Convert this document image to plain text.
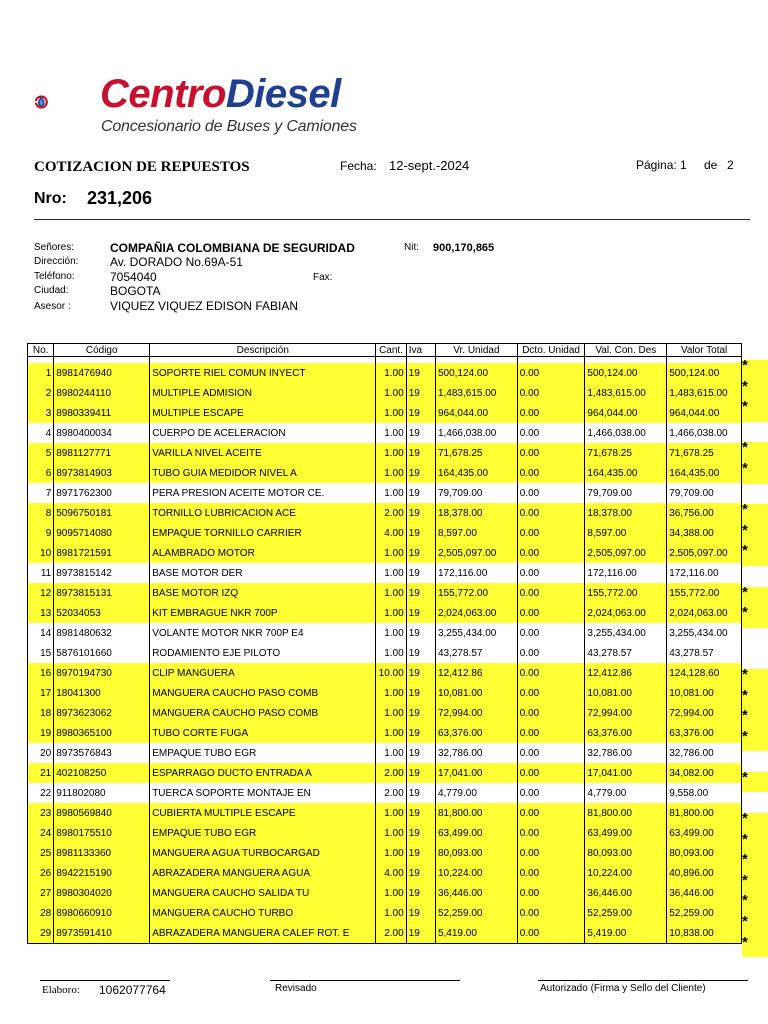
CentroDiesel
Concesionario de Buses y Camiones
COTIZACION DE REPUESTOS	Fecha: 12-sept.-2024	Página: 1 de 2
Nro: 231,206
Señores:	COMPAÑIA COLOMBIANA DE SEGURIDAD	Nit: 900,170,865
Dirección:	Av. DORADO No.69A-51
Teléfono:	7054040	Fax:
Ciudad:	BOGOTA
Asesor :	VIQUEZ VIQUEZ EDISON FABIAN
No.	Código	Descripción	Cant.	Iva	Vr. Unidad	Dcto. Unidad	Val. Con. Des	Valor Total

1	8981476940	SOPORTE RIEL COMUN INYECT	1.00	19	500,124.00	0.00	500,124.00	500,124.00
2	8980244110	MULTIPLE ADMISION	1.00	19	1,483,615.00	0.00	1,483,615.00	1,483,615.00
3	8980339411	MULTIPLE ESCAPE	1.00	19	964,044.00	0.00	964,044.00	964,044.00
4	8980400034	CUERPO DE ACELERACION	1.00	19	1,466,038.00	0.00	1,466,038.00	1,466,038.00
5	8981127771	VARILLA NIVEL ACEITE	1.00	19	71,678.25	0.00	71,678.25	71,678.25
6	8973814903	TUBO GUIA MEDIDOR NIVEL A	1.00	19	164,435.00	0.00	164,435.00	164,435.00
7	8971762300	PERA PRESION ACEITE MOTOR CE.	1.00	19	79,709.00	0.00	79,709.00	79,709.00
8	5096750181	TORNILLO LUBRICACION ACE	2.00	19	18,378.00	0.00	18,378.00	36,756.00
9	9095714080	EMPAQUE TORNILLO CARRIER	4.00	19	8,597.00	0.00	8,597.00	34,388.00
10	8981721591	ALAMBRADO MOTOR	1.00	19	2,505,097.00	0.00	2,505,097.00	2,505,097.00
11	8973815142	BASE MOTOR DER	1.00	19	172,116.00	0.00	172,116.00	172,116.00
12	8973815131	BASE MOTOR IZQ	1.00	19	155,772.00	0.00	155,772.00	155,772.00
13	52034053	KIT EMBRAGUE NKR 700P	1.00	19	2,024,063.00	0.00	2,024,063.00	2,024,063.00
14	8981480632	VOLANTE MOTOR NKR 700P E4	1.00	19	3,255,434.00	0.00	3,255,434.00	3,255,434.00
15	5876101660	RODAMIENTO EJE PILOTO	1.00	19	43,278.57	0.00	43,278.57	43,278.57
16	8970194730	CLIP MANGUERA	10.00	19	12,412.86	0.00	12,412.86	124,128.60
17	18041300	MANGUERA CAUCHO PASO COMB	1.00	19	10,081.00	0.00	10,081.00	10,081.00
18	8973623062	MANGUERA CAUCHO PASO COMB	1.00	19	72,994.00	0.00	72,994.00	72,994.00
19	8980365100	TUBO CORTE FUGA	1.00	19	63,376.00	0.00	63,376.00	63,376.00
20	8973576843	EMPAQUE TUBO EGR	1.00	19	32,786.00	0.00	32,786.00	32,786.00
21	402108250	ESPARRAGO DUCTO ENTRADA A	2.00	19	17,041.00	0.00	17,041.00	34,082.00
22	911802080	TUERCA SOPORTE MONTAJE EN	2.00	19	4,779.00	0.00	4,779.00	9,558.00
23	8980569840	CUBIERTA MULTIPLE ESCAPE	1.00	19	81,800.00	0.00	81,800.00	81,800.00
24	8980175510	EMPAQUE TUBO EGR	1.00	19	63,499.00	0.00	63,499.00	63,499.00
25	8981133360	MANGUERA AGUA TURBOCARGAD	1.00	19	80,093.00	0.00	80,093.00	80,093.00
26	8942215190	ABRAZADERA MANGUERA AGUA	4.00	19	10,224.00	0.00	10,224.00	40,896.00
27	8980304020	MANGUERA CAUCHO SALIDA TU	1.00	19	36,446.00	0.00	36,446.00	36,446.00
28	8980660910	MANGUERA CAUCHO TURBO	1.00	19	52,259.00	0.00	52,259.00	52,259.00
29	8973591410	ABRAZADERA MANGUERA CALEF ROT. E	2.00	19	5,419.00	0.00	5,419.00	10,838.00
*
*
*
*
*
*
*
*
*
*
*
*
*
*
*
*
*
*
*
*
*
*
Elaboro: 1062077764	Revisado	Autorizado (Firma y Sello del Cliente)
